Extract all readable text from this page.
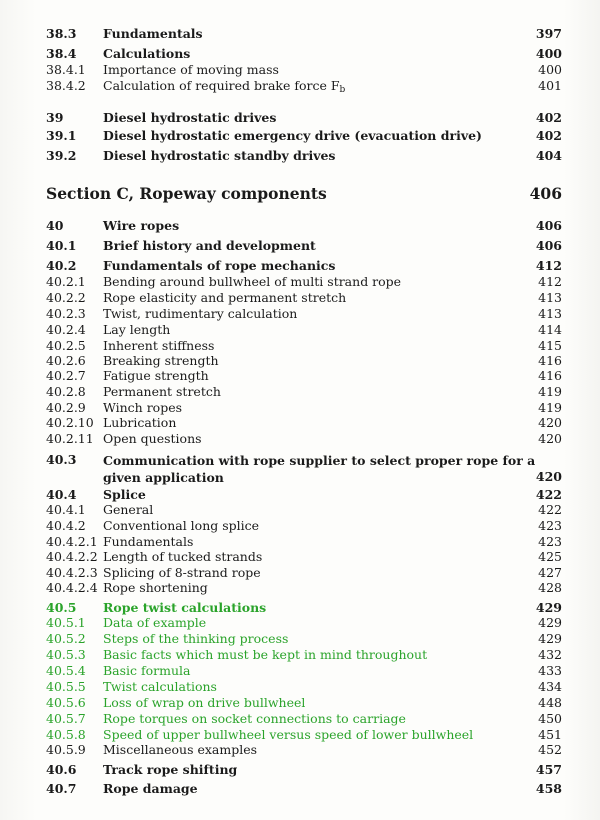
38.3 Fundamentals	397
38.4 Calculations	400
38.4.1 Importance of moving mass	400
38.4.2 Calculation of required brake force $F_b$	401
39	Diesel hydrostatic drives	402
39.1 Diesel hydrostatic emergency drive (evacuation drive)	402
39.2 Diesel hydrostatic standby drives	404
Section C, Ropeway components	406
40	Wire ropes	406
40.1 Brief history and development	406
40.2 Fundamentals of rope mechanics	412
40.2.1 Bending around bullwheel of multi strand rope	412
40.2.2 Rope elasticity and permanent stretch	413
40.2.3 Twist, rudimentary calculation	413
40.2.4 Lay length	414
40.2.5 Inherent stiffness	415
40.2.6 Breaking strength	416
40.2.7 Fatigue strength	416
40.2.8 Permanent stretch	419
40.2.9 Winch ropes	419
40.2.10 Lubrication	420
40.2.11 Open questions	420
40.3 Communication with rope supplier to select proper rope for a given application	420
40.4 Splice	422
40.4.1 General	422
40.4.2 Conventional long splice	423
40.4.2.1 Fundamentals	423
40.4.2.2 Length of tucked strands	425
40.4.2.3 Splicing of 8-strand rope	427
40.4.2.4 Rope shortening	428
40.5 Rope twist calculations	429
40.5.1 Data of example	429
40.5.2 Steps of the thinking process	429
40.5.3 Basic facts which must be kept in mind throughout	432
40.5.4 Basic formula	433
40.5.5 Twist calculations	434
40.5.6 Loss of wrap on drive bullwheel	448
40.5.7 Rope torques on socket connections to carriage	450
40.5.8 Speed of upper bullwheel versus speed of lower bullwheel	451
40.5.9 Miscellaneous examples	452
40.6 Track rope shifting	457
40.7 Rope damage	458
